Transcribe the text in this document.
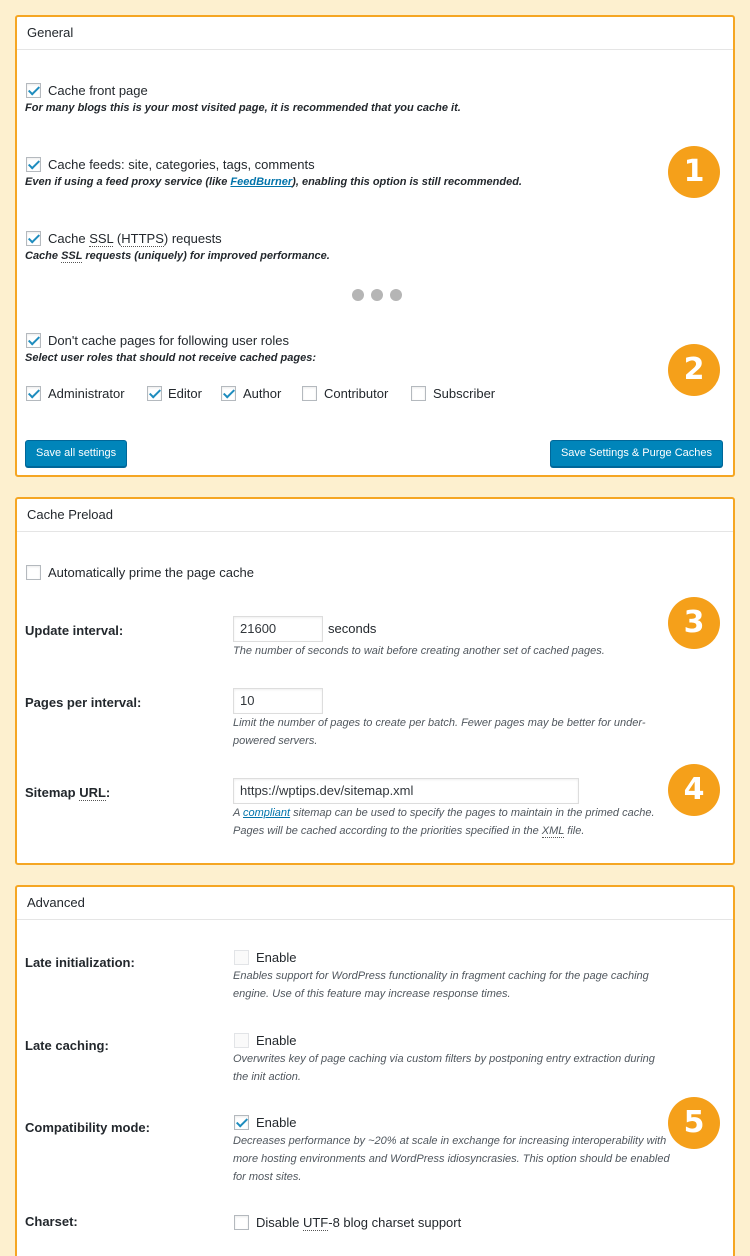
General
Cache front page
For many blogs this is your most visited page, it is recommended that you cache it.
Cache feeds: site, categories, tags, comments
Even if using a feed proxy service (like FeedBurner), enabling this option is still recommended.
Cache SSL (HTTPS) requests
Cache SSL requests (uniquely) for improved performance.
Don't cache pages for following user roles
Select user roles that should not receive cached pages:
Administrator	Editor	Author	Contributor	Subscriber
Save all settings	Save Settings & Purge Caches
Cache Preload
Automatically prime the page cache
Update interval:	21600	seconds
The number of seconds to wait before creating another set of cached pages.
Pages per interval:	10
Limit the number of pages to create per batch. Fewer pages may be better for under-
powered servers.
Sitemap URL:	https://wptips.dev/sitemap.xml
A compliant sitemap can be used to specify the pages to maintain in the primed cache.
Pages will be cached according to the priorities specified in the XML file.
Advanced
Late initialization:	Enable
Enables support for WordPress functionality in fragment caching for the page caching
engine. Use of this feature may increase response times.
Late caching:	Enable
Overwrites key of page caching via custom filters by postponing entry extraction during
the init action.
Compatibility mode:	Enable
Decreases performance by ~20% at scale in exchange for increasing interoperability with
more hosting environments and WordPress idiosyncrasies. This option should be enabled
for most sites.
Charset:	Disable UTF-8 blog charset support
1
2
3
4
5
